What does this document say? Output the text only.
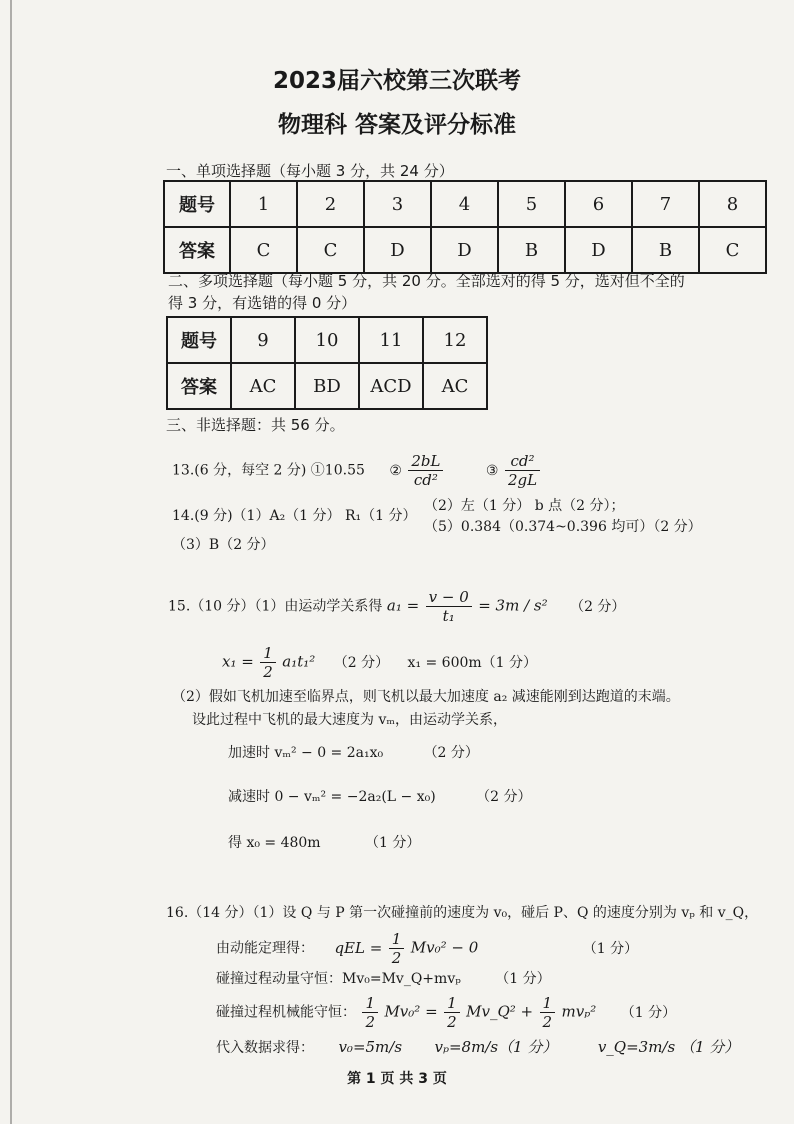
2023届六校第三次联考
物理科 答案及评分标准
一、单项选择题（每小题 3 分，共 24 分）
题号	1	2	3	4	5	6	7	8
答案	C	C	D	D	B	D	B	C
二、多项选择题（每小题 5 分，共 20 分。全部选对的得 5 分，选对但不全的
得 3 分，有选错的得 0 分）
题号	9	10	11	12
答案	AC	BD	ACD	AC
三、非选择题：共 56 分。
13.(6 分，每空 2 分) ①10.55 ② $\frac{2bL}{\text{cd²}}$	③ $\frac{\text{cd²}}{2gL}$
14.(9 分)（1）A₂（1 分） R₁（1 分）
（2）左（1 分） b 点（2 分）；
（3）B（2 分）
（5）0.384（0.374~0.396 均可）（2 分）
15.（10 分）（1）由运动学关系得 $a_1 = \frac{v - 0}{\text{t₁}} = 3m / s^2$ （2 分）
$x_1 = \frac{1}{2} a_1t_1^2$ （2 分） x₁ = 600m（1 分）
（2）假如飞机加速至临界点，则飞机以最大加速度 a₂ 减速能刚到达跑道的末端。
设此过程中飞机的最大速度为 vₘ，由运动学关系，
加速时 vₘ² − 0 = 2a₁x₀	（2 分）
减速时 0 − vₘ² = −2a₂(L − x₀)	（2 分）
得 x₀ = 480m	（1 分）
16.（14 分）（1）设 Q 与 P 第一次碰撞前的速度为 v₀，碰后 P、Q 的速度分别为 vₚ 和 v_Q，
由动能定理得： qEL = $\frac{1}{2} Mv_0^2 - 0$	（1 分）
碰撞过程动量守恒：Mv₀=Mv_Q+mvₚ （1 分）
碰撞过程机械能守恒： $\frac{1}{2} Mv_0^2 = \frac{1}{2}$ Mv_Q² + $\frac{1}{2} mv_p^2$ （1 分）
代入数据求得： v₀=5m/s vₚ=8m/s（1 分）	v_Q=3m/s （1 分）
第 1 页 共 3 页
